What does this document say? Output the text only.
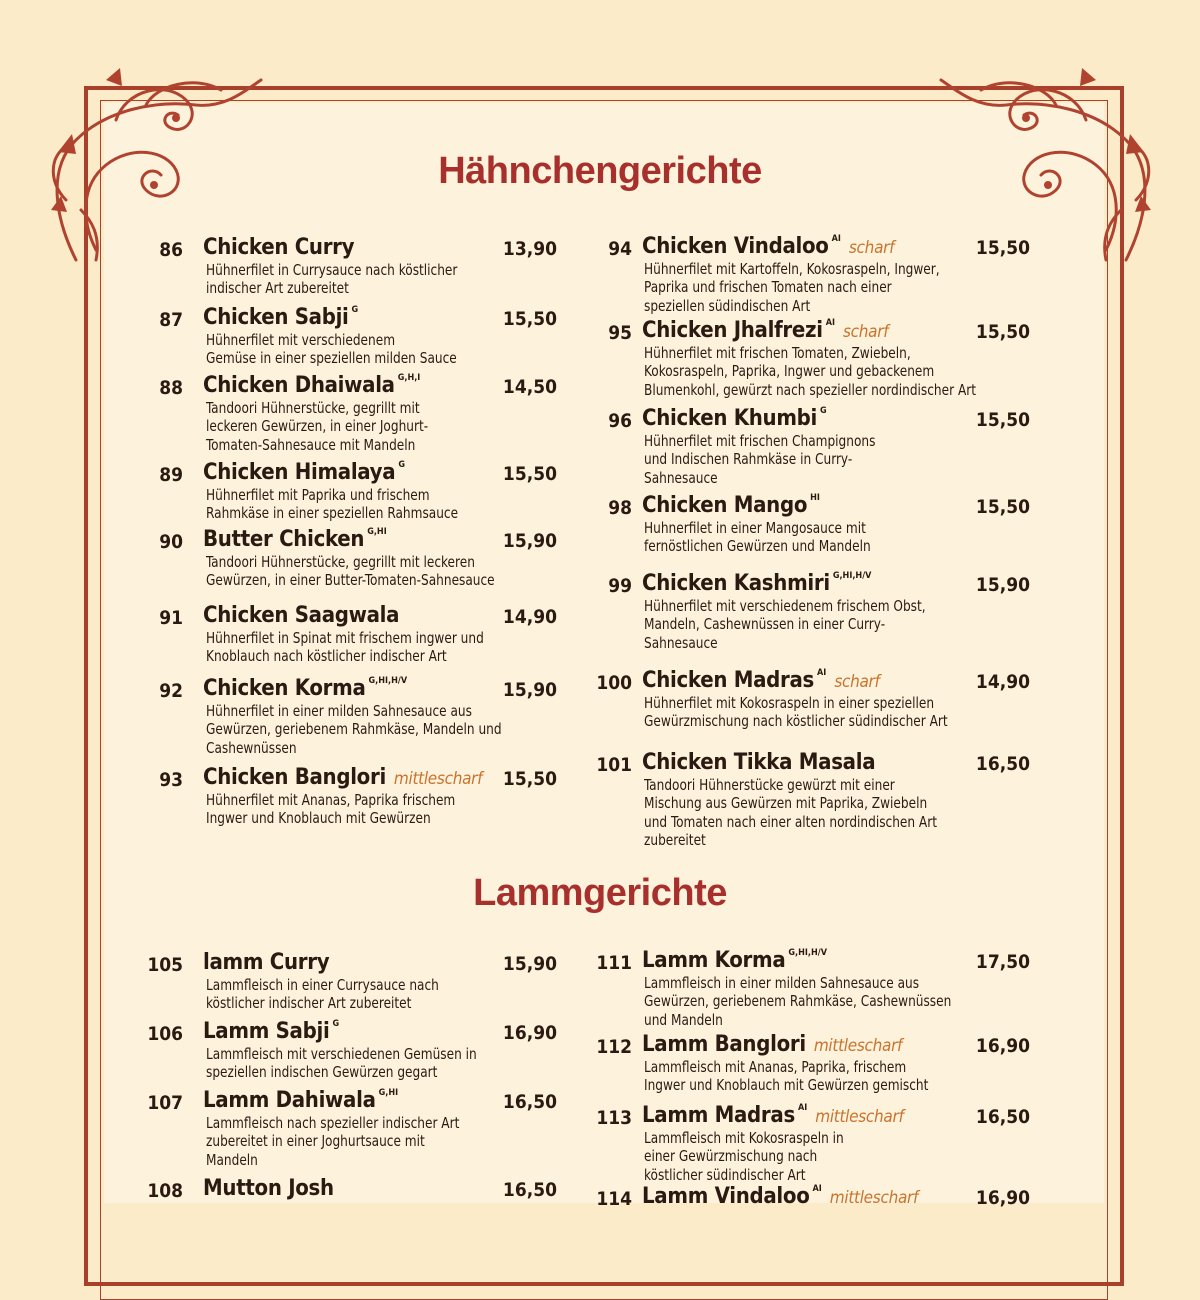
Hähnchengerichte
86 Chicken Curry	13,90
Hühnerfilet in Currysauce nach köstlicher
indischer Art zubereitet
87 Chicken Sabji $^G$	15,50
Hühnerfilet mit verschiedenem
Gemüse in einer speziellen milden Sauce
88 Chicken Dhaiwala $^{G,H,I}$	14,50
Tandoori Hühnerstücke, gegrillt mit
leckeren Gewürzen, in einer Joghurt-
Tomaten-Sahnesauce mit Mandeln
89 Chicken Himalaya $^G$	15,50
Hühnerfilet mit Paprika und frischem
Rahmkäse in einer speziellen Rahmsauce
90 Butter Chicken $^{G,HI}$	15,90
Tandoori Hühnerstücke, gegrillt mit leckeren
Gewürzen, in einer Butter-Tomaten-Sahnesauce
91 Chicken Saagwala	14,90
Hühnerfilet in Spinat mit frischem ingwer und
Knoblauch nach köstlicher indischer Art
92 Chicken Korma $^{G,HI,H/V}$	15,90
Hühnerfilet in einer milden Sahnesauce aus
Gewürzen, geriebenem Rahmkäse, Mandeln und
Cashewnüssen
93 Chicken Banglori mittlescharf	15,50
Hühnerfilet mit Ananas, Paprika frischem
Ingwer und Knoblauch mit Gewürzen
94 Chicken Vindaloo $^{AI}$ scharf	15,50
Hühnerfilet mit Kartoffeln, Kokosraspeln, Ingwer,
Paprika und frischen Tomaten nach einer
speziellen südindischen Art
95 Chicken Jhalfrezi $^{AI}$ scharf	15,50
Hühnerfilet mit frischen Tomaten, Zwiebeln,
Kokosraspeln, Paprika, Ingwer und gebackenem
Blumenkohl, gewürzt nach spezieller nordindischer Art
96 Chicken Khumbi $^G$	15,50
Hühnerfilet mit frischen Champignons
und Indischen Rahmkäse in Curry-
Sahnesauce
98 Chicken Mango $^{HI}$	15,50
Huhnerfilet in einer Mangosauce mit
fernöstlichen Gewürzen und Mandeln
99 Chicken Kashmiri $^{G,HI,H/V}$	15,90
Hühnerfilet mit verschiedenem frischem Obst,
Mandeln, Cashewnüssen in einer Curry-
Sahnesauce
100 Chicken Madras $^{AI}$ scharf	14,90
Hühnerfilet mit Kokosraspeln in einer speziellen
Gewürzmischung nach köstlicher südindischer Art
101 Chicken Tikka Masala	16,50
Tandoori Hühnerstücke gewürzt mit einer
Mischung aus Gewürzen mit Paprika, Zwiebeln
und Tomaten nach einer alten nordindischen Art
zubereitet
Lammgerichte
105 lamm Curry	15,90
Lammfleisch in einer Currysauce nach
köstlicher indischer Art zubereitet
106 Lamm Sabji $^G$	16,90
Lammfleisch mit verschiedenen Gemüsen in
speziellen indischen Gewürzen gegart
107 Lamm Dahiwala $^{G,HI}$	16,50
Lammfleisch nach spezieller indischer Art
zubereitet in einer Joghurtsauce mit
Mandeln
108 Mutton Josh	16,50
111 Lamm Korma $^{G,HI,H/V}$	17,50
Lammfleisch in einer milden Sahnesauce aus
Gewürzen, geriebenem Rahmkäse, Cashewnüssen
und Mandeln
112 Lamm Banglori mittlescharf	16,90
Lammfleisch mit Ananas, Paprika, frischem
Ingwer und Knoblauch mit Gewürzen gemischt
113 Lamm Madras $^{AI}$ mittlescharf	16,50
Lammfleisch mit Kokosraspeln in
einer Gewürzmischung nach
köstlicher südindischer Art
114 Lamm Vindaloo $^{AI}$ mittlescharf	16,90
